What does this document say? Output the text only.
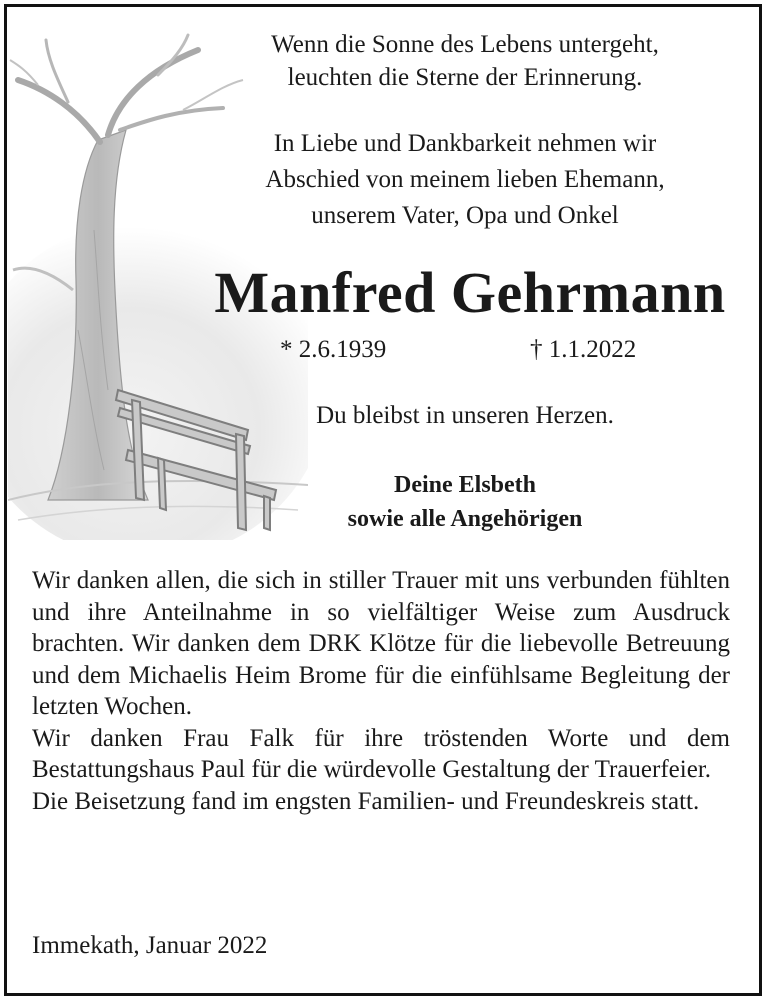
Wenn die Sonne des Lebens untergeht,
leuchten die Sterne der Erinnerung.
In Liebe und Dankbarkeit nehmen wir
Abschied von meinem lieben Ehemann,
unserem Vater, Opa und Onkel
Manfred Gehrmann
* 2.6.1939	† 1.1.2022
Du bleibst in unseren Herzen.
Deine Elsbeth
sowie alle Angehörigen

Wir danken allen, die sich in stiller Trauer mit uns verbunden fühlten und ihre Anteilnahme in so vielfältiger Weise zum Ausdruck brachten. Wir danken dem DRK Klötze für die liebevolle Betreuung und dem Michaelis Heim Brome für die einfühlsame Begleitung der letzten Wochen.

Wir danken Frau Falk für ihre tröstenden Worte und dem Bestattungshaus Paul für die würdevolle Gestaltung der Trauerfeier.

Die Beisetzung fand im engsten Familien- und Freundeskreis statt.

Immekath, Januar 2022
